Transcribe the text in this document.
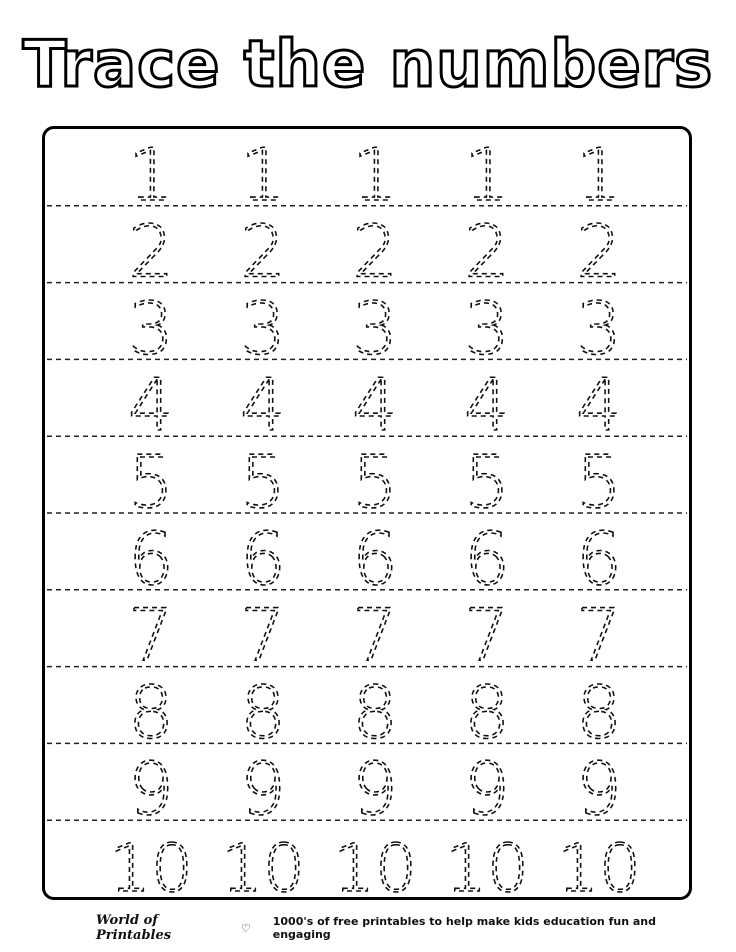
Trace the numbers
1 1 1 1 1
2 2 2 2 2
3 3 3 3 3
4 4 4 4 4
5 5 5 5 5
6 6 6 6 6
7 7 7 7 7
8 8 8 8 8
9 9 9 9 9
10 10 10 10 10
World of Printables	♡ 1000's of free printables to help make kids education fun and engaging
